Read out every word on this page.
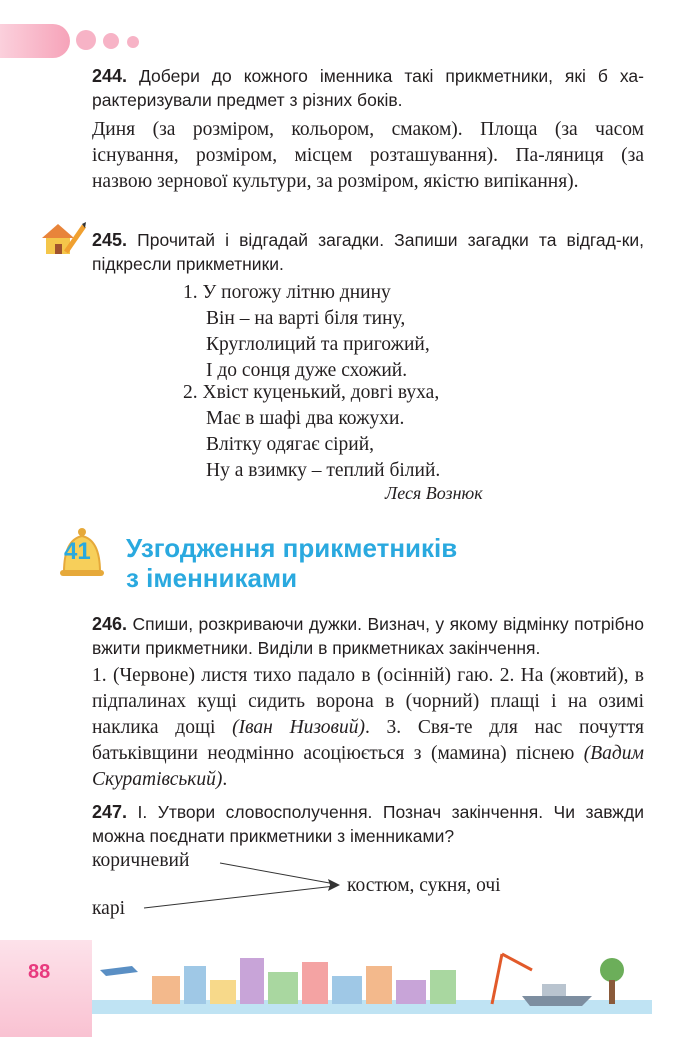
244. Добери до кожного іменника такі прикметники, які б ха-рактеризували предмет з різних боків.
Диня (за розміром, кольором, смаком). Площа (за часом існування, розміром, місцем розташування). Па-ляниця (за назвою зернової культури, за розміром, якістю випікання).
245. Прочитай і відгадай загадки. Запиши загадки та відгад-ки, підкресли прикметники.
1. У погожу літню днину
Він – на варті біля тину,
Круглолиций та пригожий,
І до сонця дуже схожий.
2. Хвіст куценький, довгі вуха,
Має в шафі два кожухи.
Влітку одягає сірий,
Ну а взимку – теплий білий.
Леся Вознюк
41 Узгодження прикметників
з іменниками
246. Спиши, розкриваючи дужки. Визнач, у якому відмінку потрібно вжити прикметники. Виділи в прикметниках закінчення.
1. (Червоне) листя тихо падало в (осінній) гаю. 2. На (жовтий), в підпалинах кущі сидить ворона в (чорний) плащі і на озимі наклика дощі (Іван Низовий). 3. Свя-те для нас почуття батьківщини неодмінно асоціюється з (мамина) піснею (Вадим Скуратівський).
247. І. Утвори словосполучення. Познач закінчення. Чи завжди можна поєднати прикметники з іменниками?
коричневий
карі
костюм, сукня, очі
88
